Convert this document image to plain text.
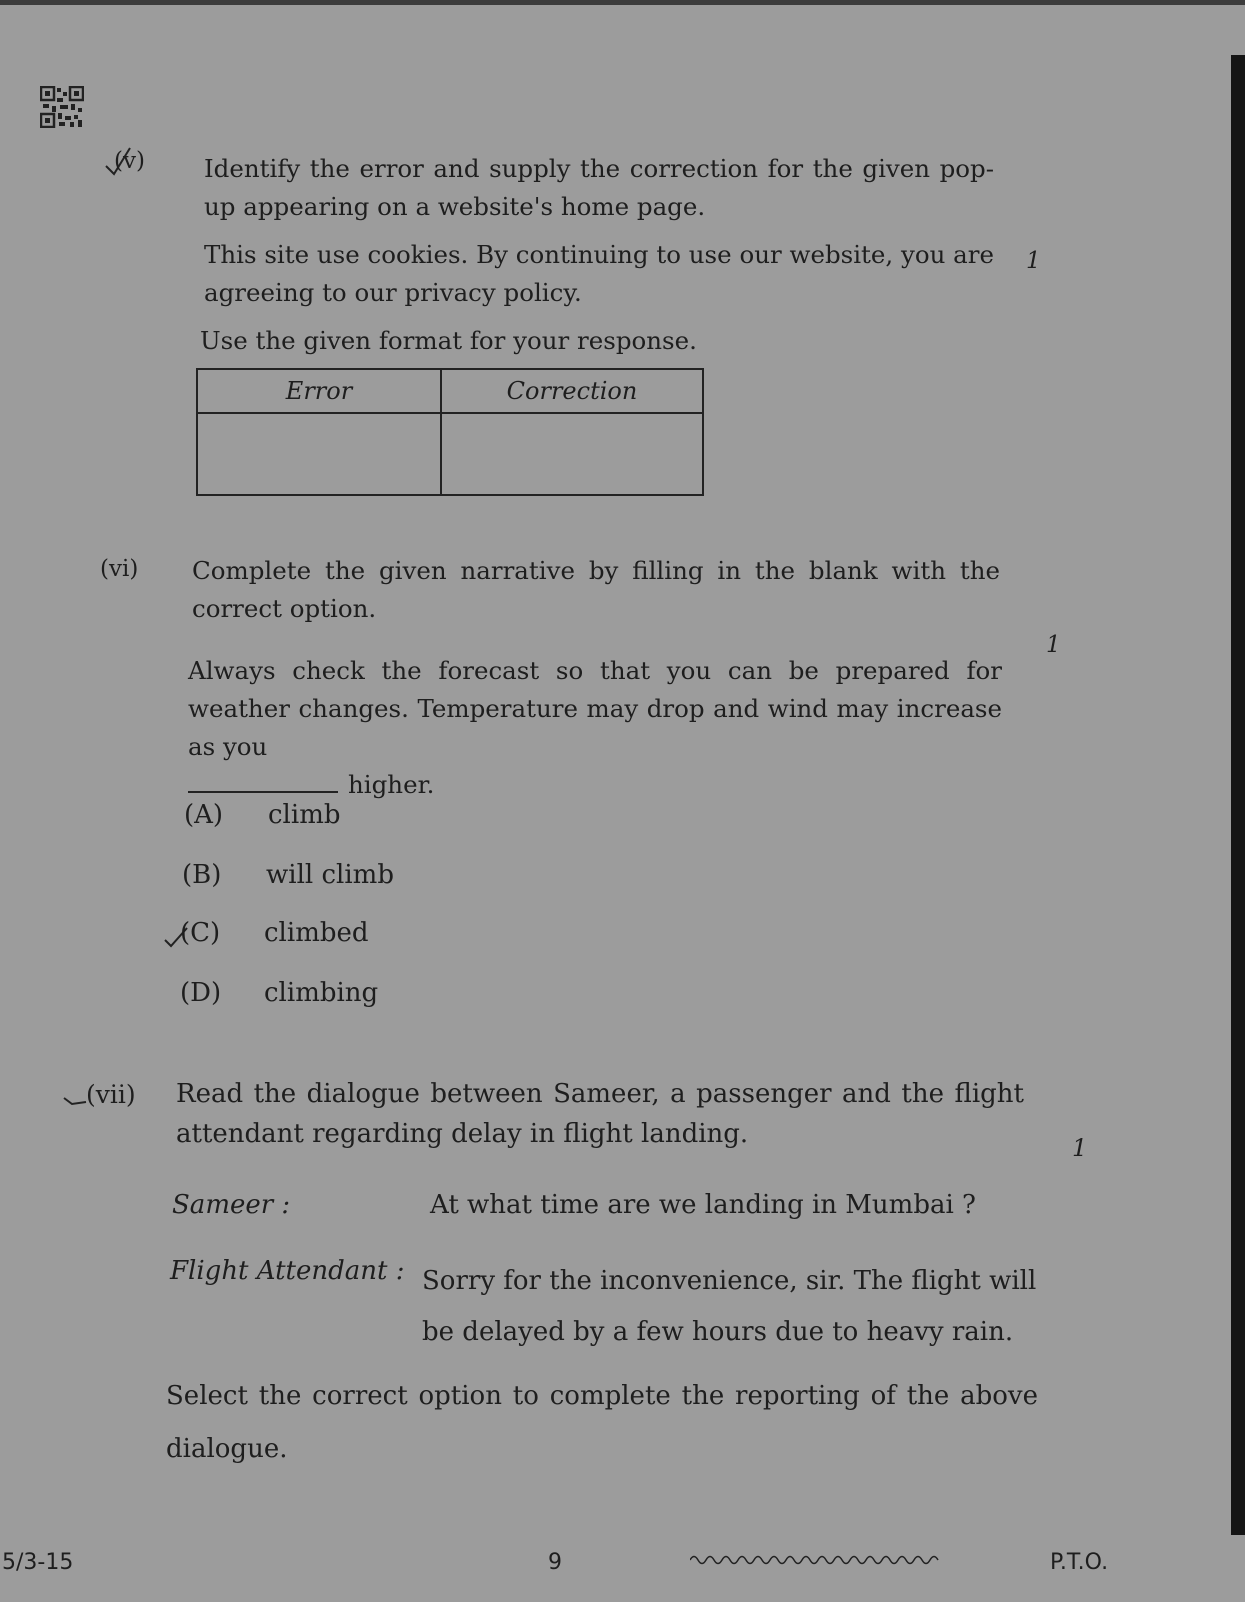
(v) Identify the error and supply the correction for the given pop-up appearing on a website's home page.
This site use cookies. By continuing to use our website, you are agreeing to our privacy policy.
1
Use the given format for your response.
Error	Correction

(vi) Complete the given narrative by filling in the blank with the correct option.
1
Always check the forecast so that you can be prepared for weather changes. Temperature may drop and wind may increase as you
higher.
(A) climb
(B) will climb
(C) climbed
(D) climbing
(vii) Read the dialogue between Sameer, a passenger and the flight attendant regarding delay in flight landing.	1
Sameer :	At what time are we landing in Mumbai ?
Flight Attendant : Sorry for the inconvenience, sir. The flight will be delayed by a few hours due to heavy rain.
Select the correct option to complete the reporting of the above dialogue.
5/3-15	9	P.T.O.
